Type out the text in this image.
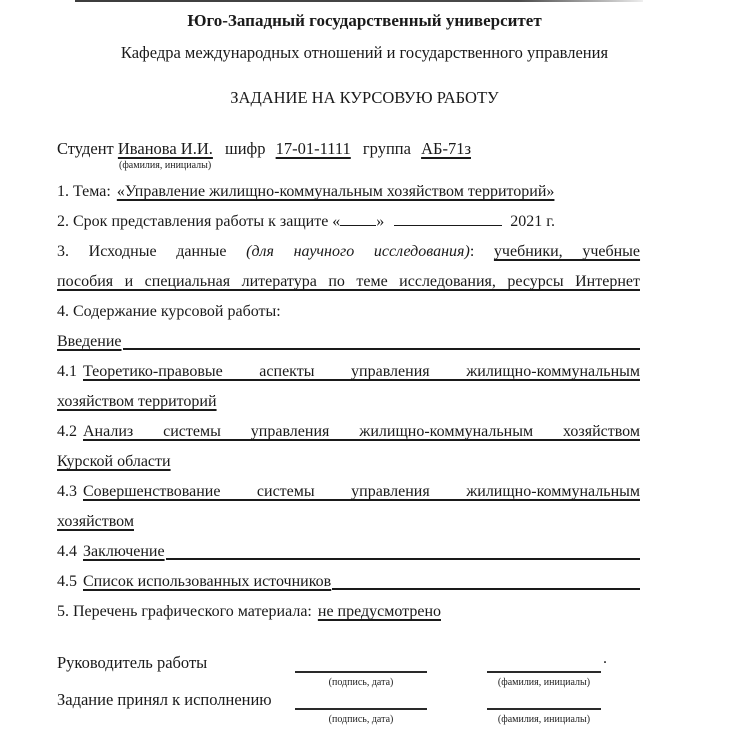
Юго-Западный государственный университет
Кафедра международных отношений и государственного управления
ЗАДАНИЕ НА КУРСОВУЮ РАБОТУ
Студент Иванова И.И. шифр 17-01-1111 группа АБ-71з
(фамилия, инициалы)
1. Тема: «Управление жилищно-коммунальным хозяйством территорий»
2. Срок представления работы к защите « »	2021 г.
3. Исходные данные (для научного исследования): учебники, учебные
пособия и специальная литература по теме исследования, ресурсы Интернет
4. Содержание курсовой работы:
Введение
4.1 Теоретико-правовые аспекты управления жилищно-коммунальным
хозяйством территорий
4.2 Анализ системы управления жилищно-коммунальным хозяйством
Курской области
4.3 Совершенствование системы управления жилищно-коммунальным
хозяйством
4.4 Заключение
4.5 Список использованных источников
5. Перечень графического материала: не предусмотрено
Руководитель работы	.
(подпись, дата)	(фамилия, инициалы)
Задание принял к исполнению
(подпись, дата)	(фамилия, инициалы)
